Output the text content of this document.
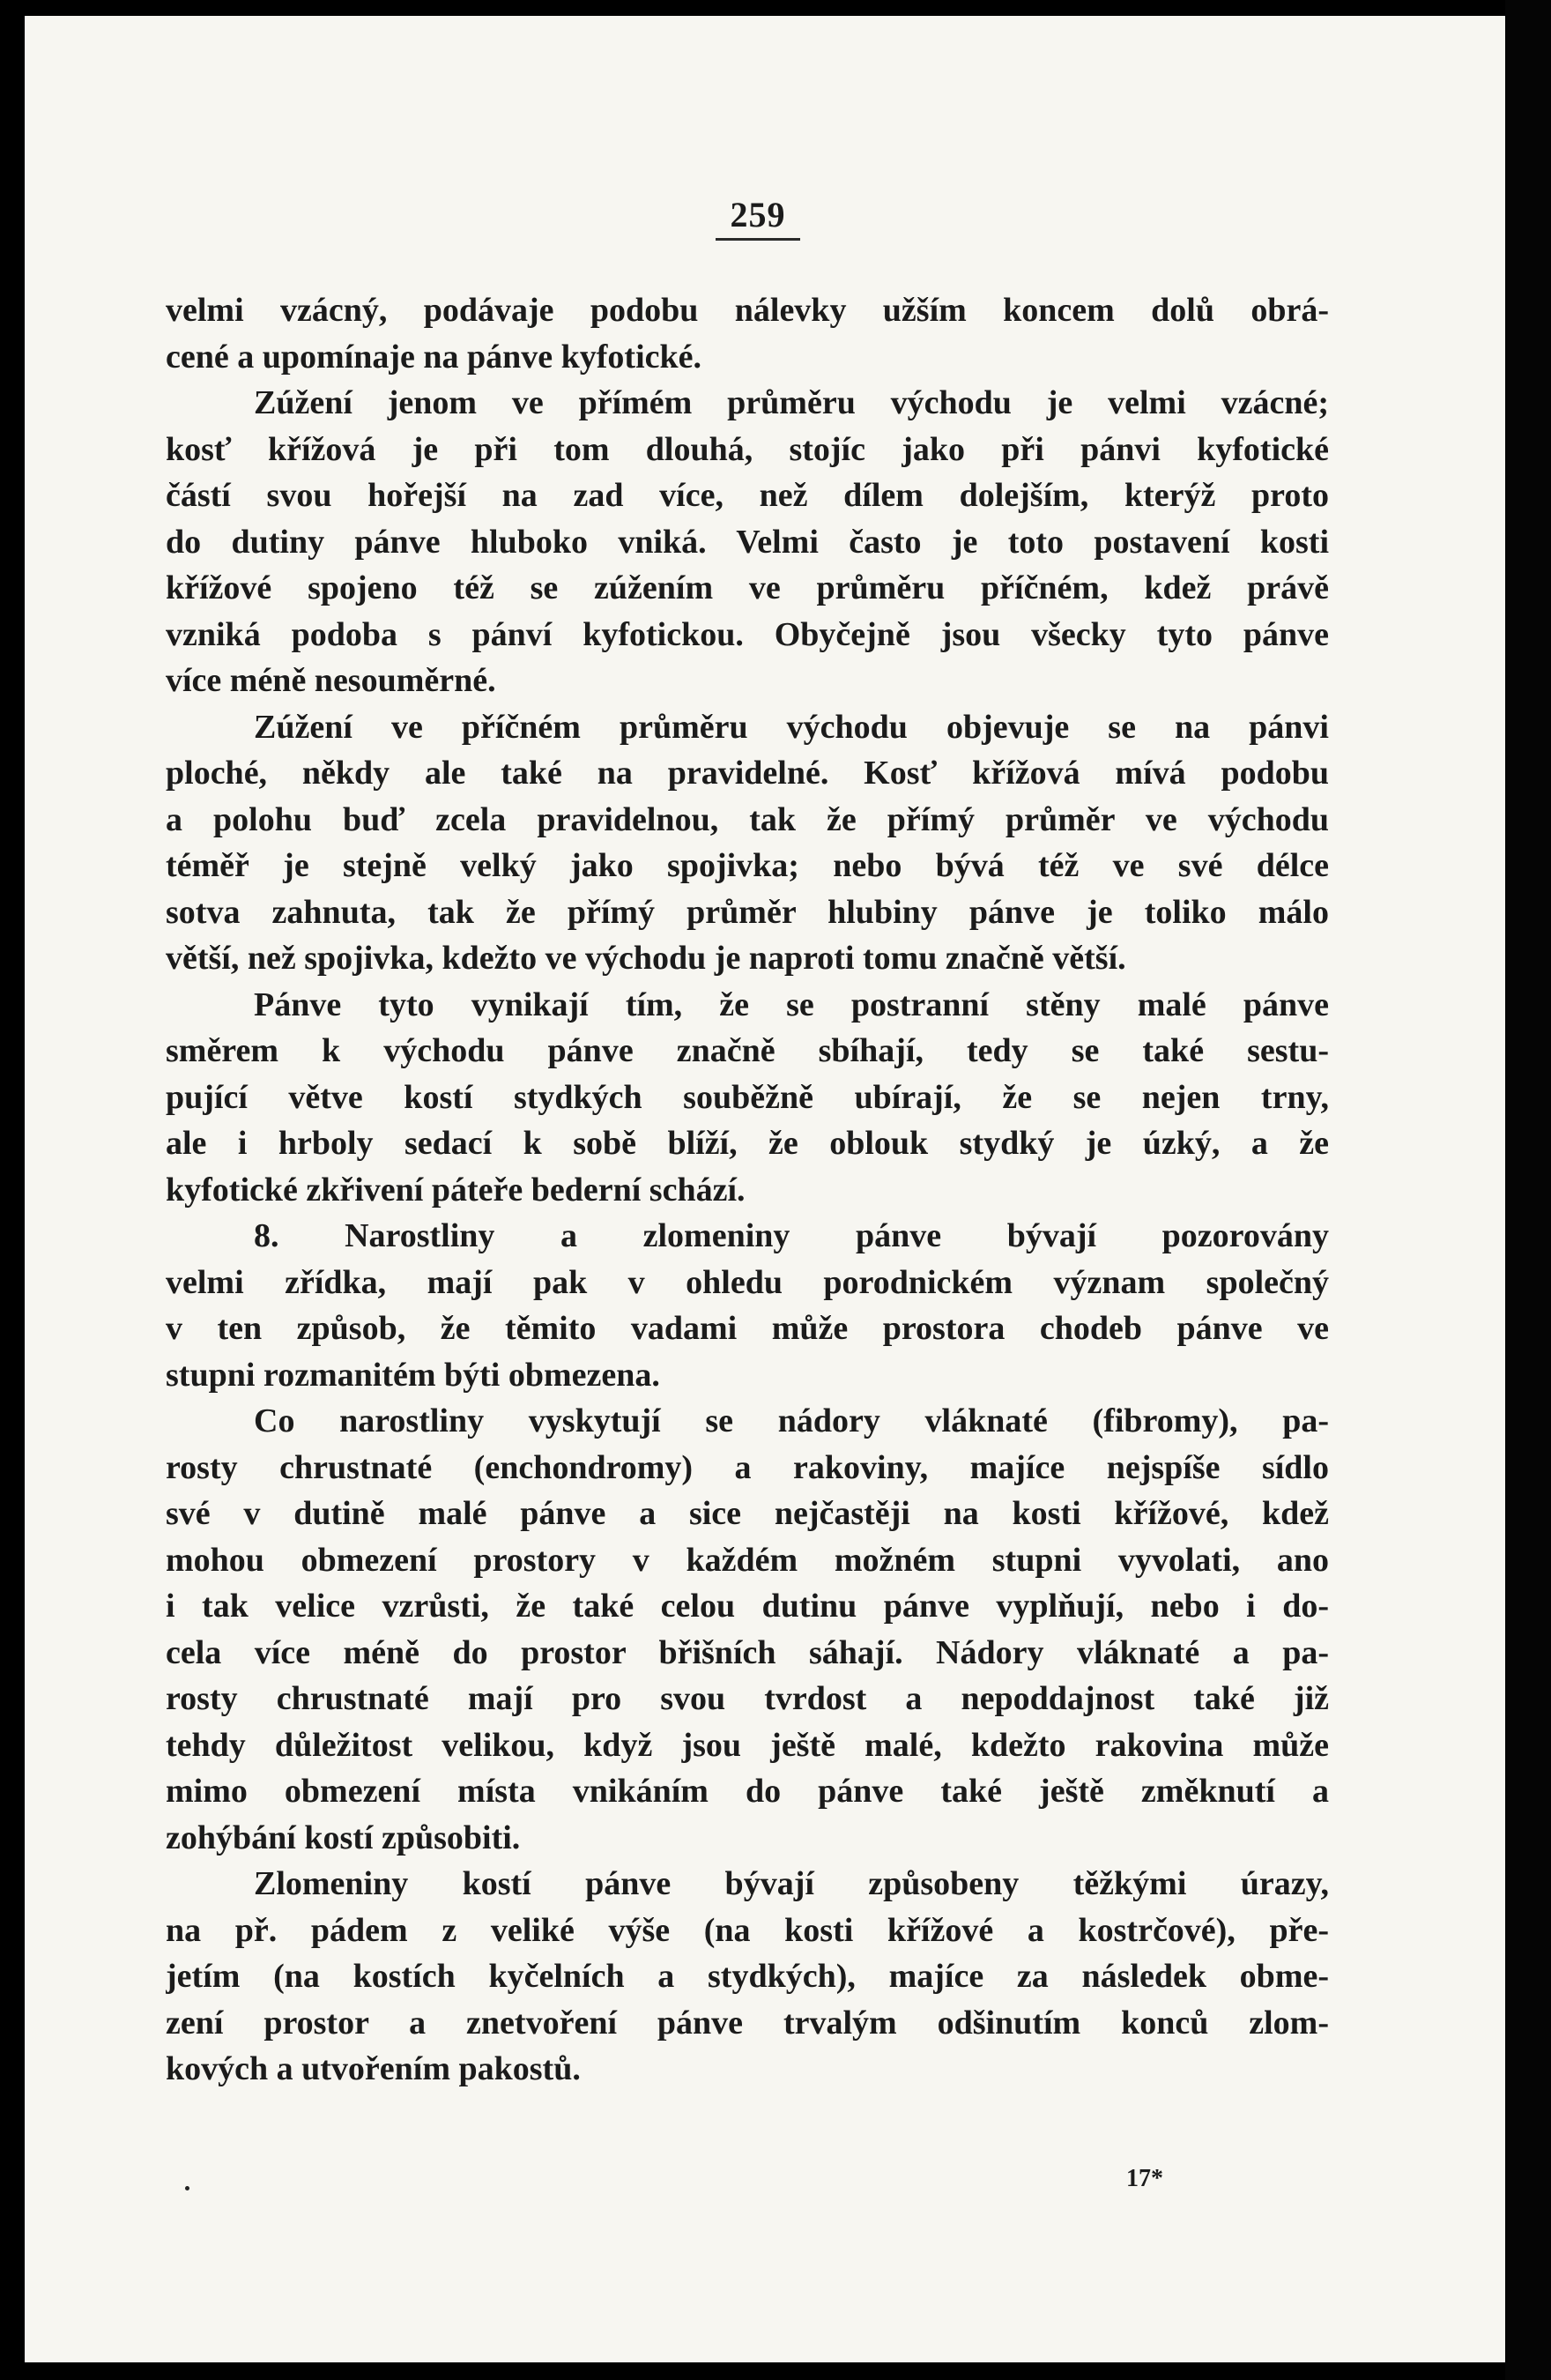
259
velmi vzácný, podávaje podobu nálevky užším koncem dolů obrá-
cené a upomínaje na pánve kyfotické.
Zúžení jenom ve přímém průměru východu je velmi vzácné;
kosť křížová je při tom dlouhá, stojíc jako při pánvi kyfotické
částí svou hořejší na zad více, než dílem dolejším, kterýž proto
do dutiny pánve hluboko vniká. Velmi často je toto postavení kosti
křížové spojeno též se zúžením ve průměru příčném, kdež právě
vzniká podoba s pánví kyfotickou. Obyčejně jsou všecky tyto pánve
více méně nesouměrné.
Zúžení ve příčném průměru východu objevuje se na pánvi
ploché, někdy ale také na pravidelné. Kosť křížová mívá podobu
a polohu buď zcela pravidelnou, tak že přímý průměr ve východu
téměř je stejně velký jako spojivka; nebo bývá též ve své délce
sotva zahnuta, tak že přímý průměr hlubiny pánve je toliko málo
větší, než spojivka, kdežto ve východu je naproti tomu značně větší.
Pánve tyto vynikají tím, že se postranní stěny malé pánve
směrem k východu pánve značně sbíhají, tedy se také sestu-
pující větve kostí stydkých souběžně ubírají, že se nejen trny,
ale i hrboly sedací k sobě blíží, že oblouk stydký je úzký, a že
kyfotické zkřivení páteře bederní schází.
8. Narostliny a zlomeniny pánve bývají pozorovány
velmi zřídka, mají pak v ohledu porodnickém význam společný
v ten způsob, že těmito vadami může prostora chodeb pánve ve
stupni rozmanitém býti obmezena.
Co narostliny vyskytují se nádory vláknaté (fibromy), pa-
rosty chrustnaté (enchondromy) a rakoviny, majíce nejspíše sídlo
své v dutině malé pánve a sice nejčastěji na kosti křížové, kdež
mohou obmezení prostory v každém možném stupni vyvolati, ano
i tak velice vzrůsti, že také celou dutinu pánve vyplňují, nebo i do-
cela více méně do prostor břišních sáhají. Nádory vláknaté a pa-
rosty chrustnaté mají pro svou tvrdost a nepoddajnost také již
tehdy důležitost velikou, když jsou ještě malé, kdežto rakovina může
mimo obmezení místa vnikáním do pánve také ještě změknutí a
zohýbání kostí způsobiti.
Zlomeniny kostí pánve bývají způsobeny těžkými úrazy,
na př. pádem z veliké výše (na kosti křížové a kostrčové), pře-
jetím (na kostích kyčelních a stydkých), majíce za následek obme-
zení prostor a znetvoření pánve trvalým odšinutím konců zlom-
kových a utvořením pakostů.
17*
